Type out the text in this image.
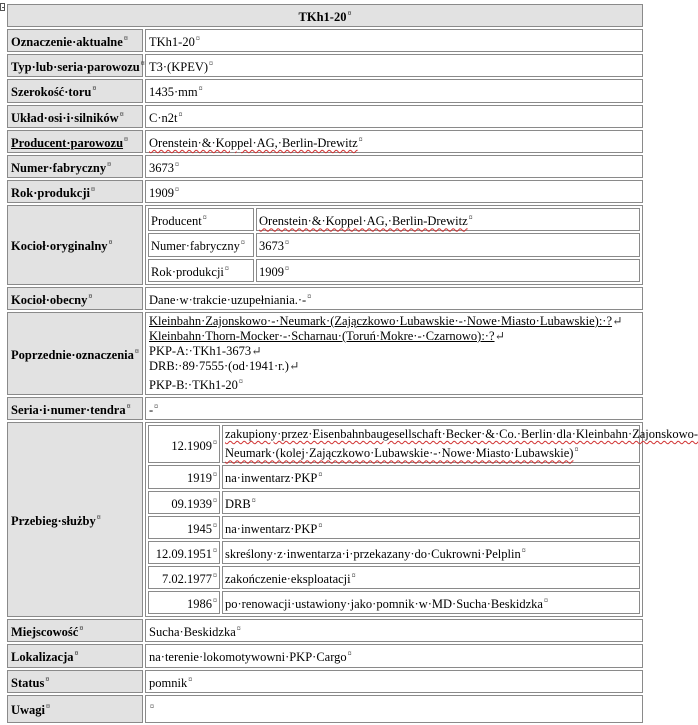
TKh1-20¤
Oznaczenie·aktualne¤	TKh1-20¤
Typ·lub·seria·parowozu¤	T3·(KPEV)¤
Szerokość·toru¤	1435·mm¤
Układ·osi·i·silników¤	C·n2t¤
Producent·parowozu¤	Orenstein·&·Koppel·AG,·Berlin-Drewitz¤
Numer·fabryczny¤	3673¤
Rok·produkcji¤	1909¤
Kocioł·oryginalny¤	
Producent¤	Orenstein·&·Koppel·AG,·Berlin-Drewitz¤
Numer·fabryczny¤	3673¤
Rok·produkcji¤	1909¤

Kocioł·obecny¤	Dane·w·trakcie·uzupełniania.·-¤
Poprzednie·oznaczenia¤	
Kleinbahn·Zajonskowo·-·Neumark·(Zajączkowo·Lubawskie·-·Nowe·Miasto·Lubawskie):·?↵
Kleinbahn·Thorn-Mocker·-·Scharnau·(Toruń·Mokre·-·Czarnowo):·?↵
PKP-A:·TKh1-3673↵
DRB:·89·7555·(od·1941·r.)↵
PKP-B:·TKh1-20¤

Seria·i·numer·tendra¤	-¤
Przebieg·służby¤	
12.1909¤	zakupiony·przez·Eisenbahnbaugesellschaft·Becker·&·Co.·Berlin·dla·Kleinbahn·Zajonskowo-Neumark·(kolej·Zajączkowo·Lubawskie·-·Nowe·Miasto·Lubawskie)¤
1919¤	na·inwentarz·PKP¤
09.1939¤	DRB¤
1945¤	na·inwentarz·PKP¤
12.09.1951¤	skreślony·z·inwentarza·i·przekazany·do·Cukrowni·Pelplin¤
7.02.1977¤	zakończenie·eksploatacji¤
1986¤	po·renowacji·ustawiony·jako·pomnik·w·MD·Sucha·Beskidzka¤

Miejscowość¤	Sucha·Beskidzka¤
Lokalizacja¤	na·terenie·lokomotywowni·PKP·Cargo¤
Status¤	pomnik¤
Uwagi¤	¤
